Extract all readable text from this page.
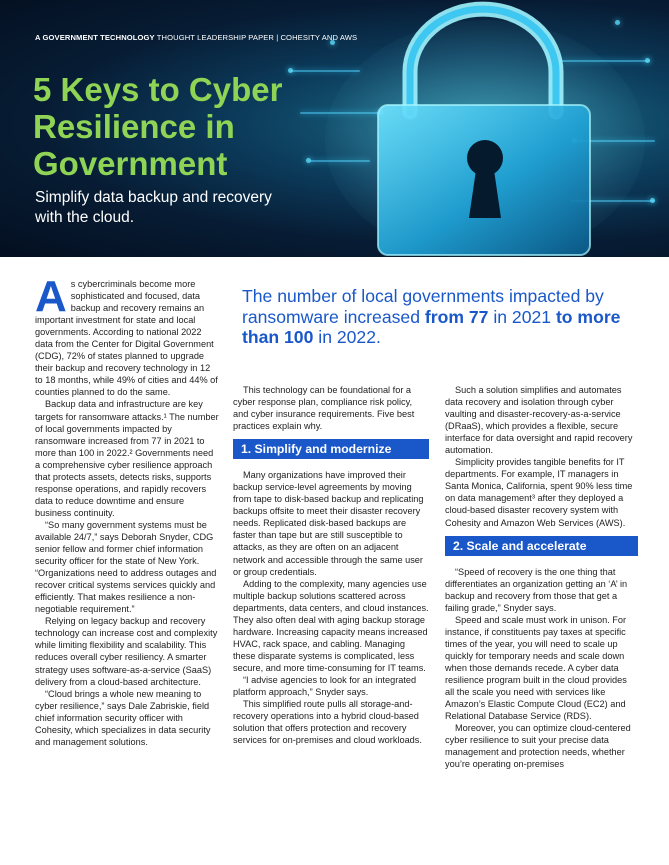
A GOVERNMENT TECHNOLOGY THOUGHT LEADERSHIP PAPER | COHESITY AND AWS
5 Keys to Cyber Resilience in Government

Simplify data backup and recovery with the cloud.

The number of local governments impacted by ransomware increased from 77 in 2021 to more than 100 in 2022.

As cybercriminals become more sophisticated and focused, data backup and recovery remains an important investment for state and local governments. According to national 2022 data from the Center for Digital Government (CDG), 72% of states planned to upgrade their backup and recovery technology in 12 to 18 months, while 49% of cities and 44% of counties planned to do the same.

Backup data and infrastructure are key targets for ransomware attacks.¹ The number of local governments impacted by ransomware increased from 77 in 2021 to more than 100 in 2022.² Governments need a comprehensive cyber resilience approach that protects assets, detects risks, supports response operations, and rapidly recovers data to reduce downtime and ensure business continuity.

“So many government systems must be available 24/7,” says Deborah Snyder, CDG senior fellow and former chief information security officer for the state of New York. “Organizations need to address outages and recover critical systems services quickly and efficiently. That makes resilience a non-negotiable requirement.”

Relying on legacy backup and recovery technology can increase cost and complexity while limiting flexibility and scalability. This reduces overall cyber resiliency. A smarter strategy uses software-as-a-service (SaaS) delivery from a cloud-based architecture.

“Cloud brings a whole new meaning to cyber resilience,” says Dale Zabriskie, field chief information security officer with Cohesity, which specializes in data security and management solutions.

This technology can be foundational for a cyber response plan, compliance risk policy, and cyber insurance requirements. Five best practices explain why.

1. Simplify and modernize

Many organizations have improved their backup service-level agreements by moving from tape to disk-based backup and replicating backups offsite to meet their disaster recovery needs. Replicated disk-based backups are faster than tape but are still susceptible to attacks, as they are often on an adjacent network and accessible through the same user or group credentials.

Adding to the complexity, many agencies use multiple backup solutions scattered across departments, data centers, and cloud instances. They also often deal with aging backup storage hardware. Increasing capacity means increased HVAC, rack space, and cabling. Managing these disparate systems is complicated, less secure, and more time-consuming for IT teams.

“I advise agencies to look for an integrated platform approach,” Snyder says.

This simplified route pulls all storage-and-recovery operations into a hybrid cloud-based solution that offers protection and recovery services for on-premises and cloud workloads.

Such a solution simplifies and automates data recovery and isolation through cyber vaulting and disaster-recovery-as-a-service (DRaaS), which provides a flexible, secure interface for data oversight and rapid recovery automation.

Simplicity provides tangible benefits for IT departments. For example, IT managers in Santa Monica, California, spent 90% less time on data management³ after they deployed a cloud-based disaster recovery system with Cohesity and Amazon Web Services (AWS).

2. Scale and accelerate

“Speed of recovery is the one thing that differentiates an organization getting an ‘A’ in backup and recovery from those that get a failing grade,” Snyder says.

Speed and scale must work in unison. For instance, if constituents pay taxes at specific times of the year, you will need to scale up quickly for temporary needs and scale down when those demands recede. A cyber data resilience program built in the cloud provides all the scale you need with services like Amazon’s Elastic Compute Cloud (EC2) and Relational Database Service (RDS).

Moreover, you can optimize cloud-centered cyber resilience to suit your precise data management and protection needs, whether you’re operating on-premises
